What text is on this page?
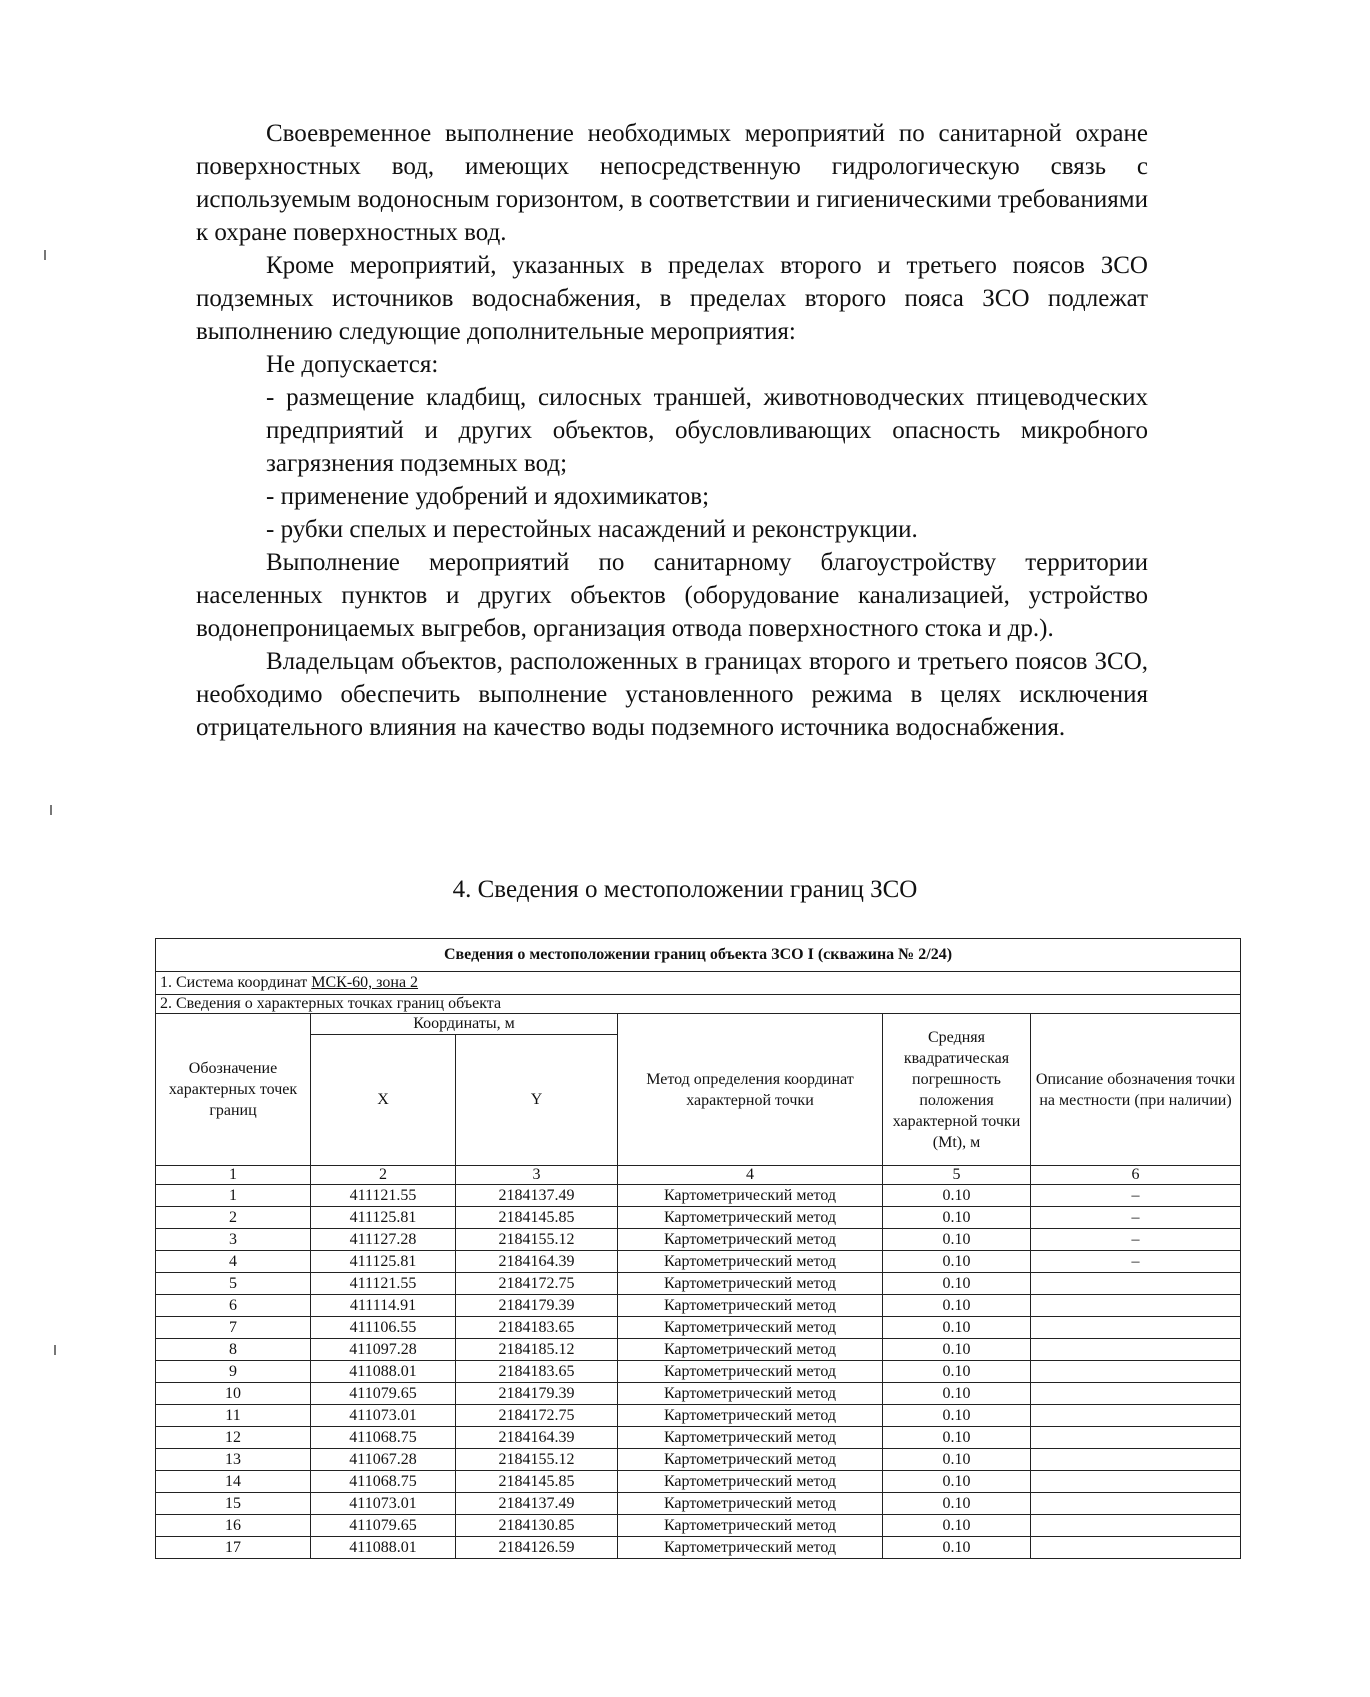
Своевременное выполнение необходимых мероприятий по санитарной охране поверхностных вод, имеющих непосредственную гидрологическую связь с используемым водоносным горизонтом, в соответствии и гигиеническими требованиями к охране поверхностных вод.

Кроме мероприятий, указанных в пределах второго и третьего поясов ЗСО подземных источников водоснабжения, в пределах второго пояса ЗСО подлежат выполнению следующие дополнительные мероприятия:

Не допускается:

- размещение кладбищ, силосных траншей, животноводческих птицеводческих предприятий и других объектов, обусловливающих опасность микробного загрязнения подземных вод;

- применение удобрений и ядохимикатов;

- рубки спелых и перестойных насаждений и реконструкции.

Выполнение мероприятий по санитарному благоустройству территории населенных пунктов и других объектов (оборудование канализацией, устройство водонепроницаемых выгребов, организация отвода поверхностного стока и др.).

Владельцам объектов, расположенных в границах второго и третьего поясов ЗСО, необходимо обеспечить выполнение установленного режима в целях исключения отрицательного влияния на качество воды подземного источника водоснабжения.

4. Сведения о местоположении границ ЗСО
Сведения о местоположении границ объекта ЗСО I (скважина № 2/24)					
1. Система координат МСК-60, зона 2					
2. Сведения о характерных точках границ объекта					
Обозначение характерных точек границ	Координаты, м		Метод определения координат характерной точки	Средняя квадратическая погрешность положения характерной точки (Mt), м	Описание обозначения точки на местности (при наличии)
	X	Y			
1	2	3	4	5	6
1	411121.55	2184137.49	Картометрический метод	0.10	–
2	411125.81	2184145.85	Картометрический метод	0.10	–
3	411127.28	2184155.12	Картометрический метод	0.10	–
4	411125.81	2184164.39	Картометрический метод	0.10	–
5	411121.55	2184172.75	Картометрический метод	0.10	
6	411114.91	2184179.39	Картометрический метод	0.10	
7	411106.55	2184183.65	Картометрический метод	0.10	
8	411097.28	2184185.12	Картометрический метод	0.10	
9	411088.01	2184183.65	Картометрический метод	0.10	
10	411079.65	2184179.39	Картометрический метод	0.10	
11	411073.01	2184172.75	Картометрический метод	0.10	
12	411068.75	2184164.39	Картометрический метод	0.10	
13	411067.28	2184155.12	Картометрический метод	0.10	
14	411068.75	2184145.85	Картометрический метод	0.10	
15	411073.01	2184137.49	Картометрический метод	0.10	
16	411079.65	2184130.85	Картометрический метод	0.10	
17	411088.01	2184126.59	Картометрический метод	0.10	
